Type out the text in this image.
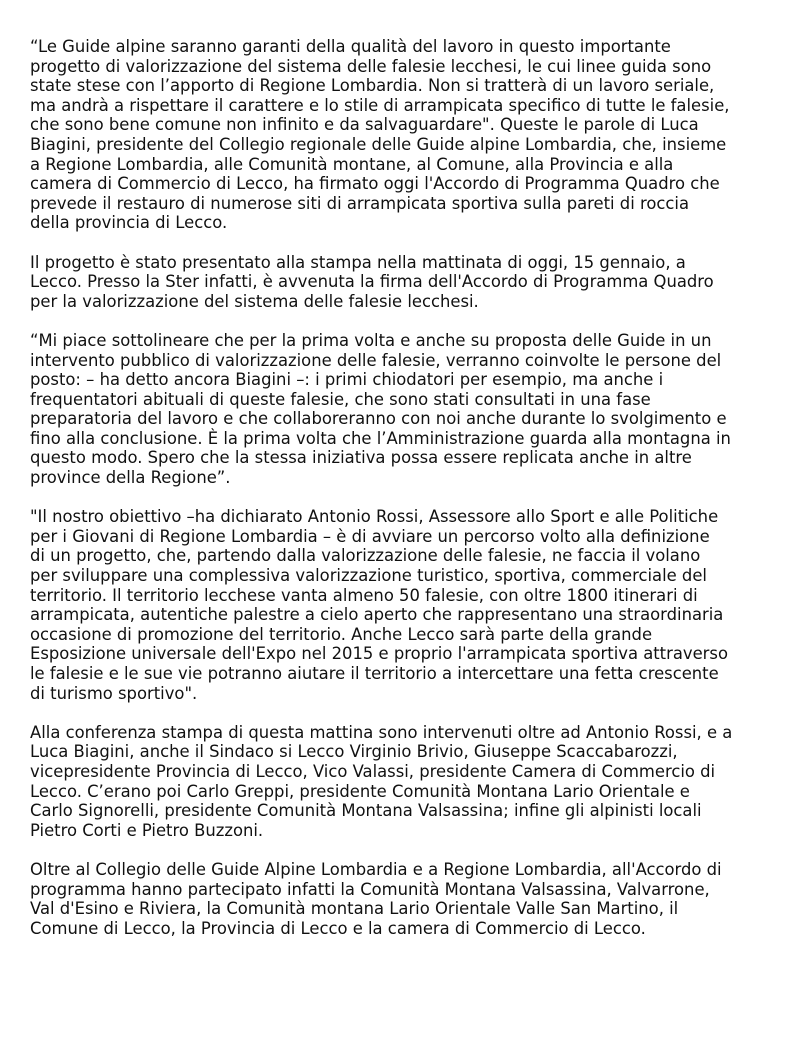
“Le Guide alpine saranno garanti della qualità del lavoro in questo importante
progetto di valorizzazione del sistema delle falesie lecchesi, le cui linee guida sono
state stese con l’apporto di Regione Lombardia. Non si tratterà di un lavoro seriale,
ma andrà a rispettare il carattere e lo stile di arrampicata specifico di tutte le falesie,
che sono bene comune non infinito e da salvaguardare". Queste le parole di Luca
Biagini, presidente del Collegio regionale delle Guide alpine Lombardia, che, insieme
a Regione Lombardia, alle Comunità montane, al Comune, alla Provincia e alla
camera di Commercio di Lecco, ha firmato oggi l'Accordo di Programma Quadro che
prevede il restauro di numerose siti di arrampicata sportiva sulla pareti di roccia
della provincia di Lecco.

Il progetto è stato presentato alla stampa nella mattinata di oggi, 15 gennaio, a
Lecco. Presso la Ster infatti, è avvenuta la firma dell'Accordo di Programma Quadro
per la valorizzazione del sistema delle falesie lecchesi.

“Mi piace sottolineare che per la prima volta e anche su proposta delle Guide in un
intervento pubblico di valorizzazione delle falesie, verranno coinvolte le persone del
posto: – ha detto ancora Biagini –: i primi chiodatori per esempio, ma anche i
frequentatori abituali di queste falesie, che sono stati consultati in una fase
preparatoria del lavoro e che collaboreranno con noi anche durante lo svolgimento e
fino alla conclusione. È la prima volta che l’Amministrazione guarda alla montagna in
questo modo. Spero che la stessa iniziativa possa essere replicata anche in altre
province della Regione”.

"Il nostro obiettivo –ha dichiarato Antonio Rossi, Assessore allo Sport e alle Politiche
per i Giovani di Regione Lombardia – è di avviare un percorso volto alla definizione
di un progetto, che, partendo dalla valorizzazione delle falesie, ne faccia il volano
per sviluppare una complessiva valorizzazione turistico, sportiva, commerciale del
territorio. Il territorio lecchese vanta almeno 50 falesie, con oltre 1800 itinerari di
arrampicata, autentiche palestre a cielo aperto che rappresentano una straordinaria
occasione di promozione del territorio. Anche Lecco sarà parte della grande
Esposizione universale dell'Expo nel 2015 e proprio l'arrampicata sportiva attraverso
le falesie e le sue vie potranno aiutare il territorio a intercettare una fetta crescente
di turismo sportivo".

Alla conferenza stampa di questa mattina sono intervenuti oltre ad Antonio Rossi, e a
Luca Biagini, anche il Sindaco si Lecco Virginio Brivio, Giuseppe Scaccabarozzi,
vicepresidente Provincia di Lecco, Vico Valassi, presidente Camera di Commercio di
Lecco. C’erano poi Carlo Greppi, presidente Comunità Montana Lario Orientale e
Carlo Signorelli, presidente Comunità Montana Valsassina; infine gli alpinisti locali
Pietro Corti e Pietro Buzzoni.

Oltre al Collegio delle Guide Alpine Lombardia e a Regione Lombardia, all'Accordo di
programma hanno partecipato infatti la Comunità Montana Valsassina, Valvarrone,
Val d'Esino e Riviera, la Comunità montana Lario Orientale Valle San Martino, il
Comune di Lecco, la Provincia di Lecco e la camera di Commercio di Lecco.
